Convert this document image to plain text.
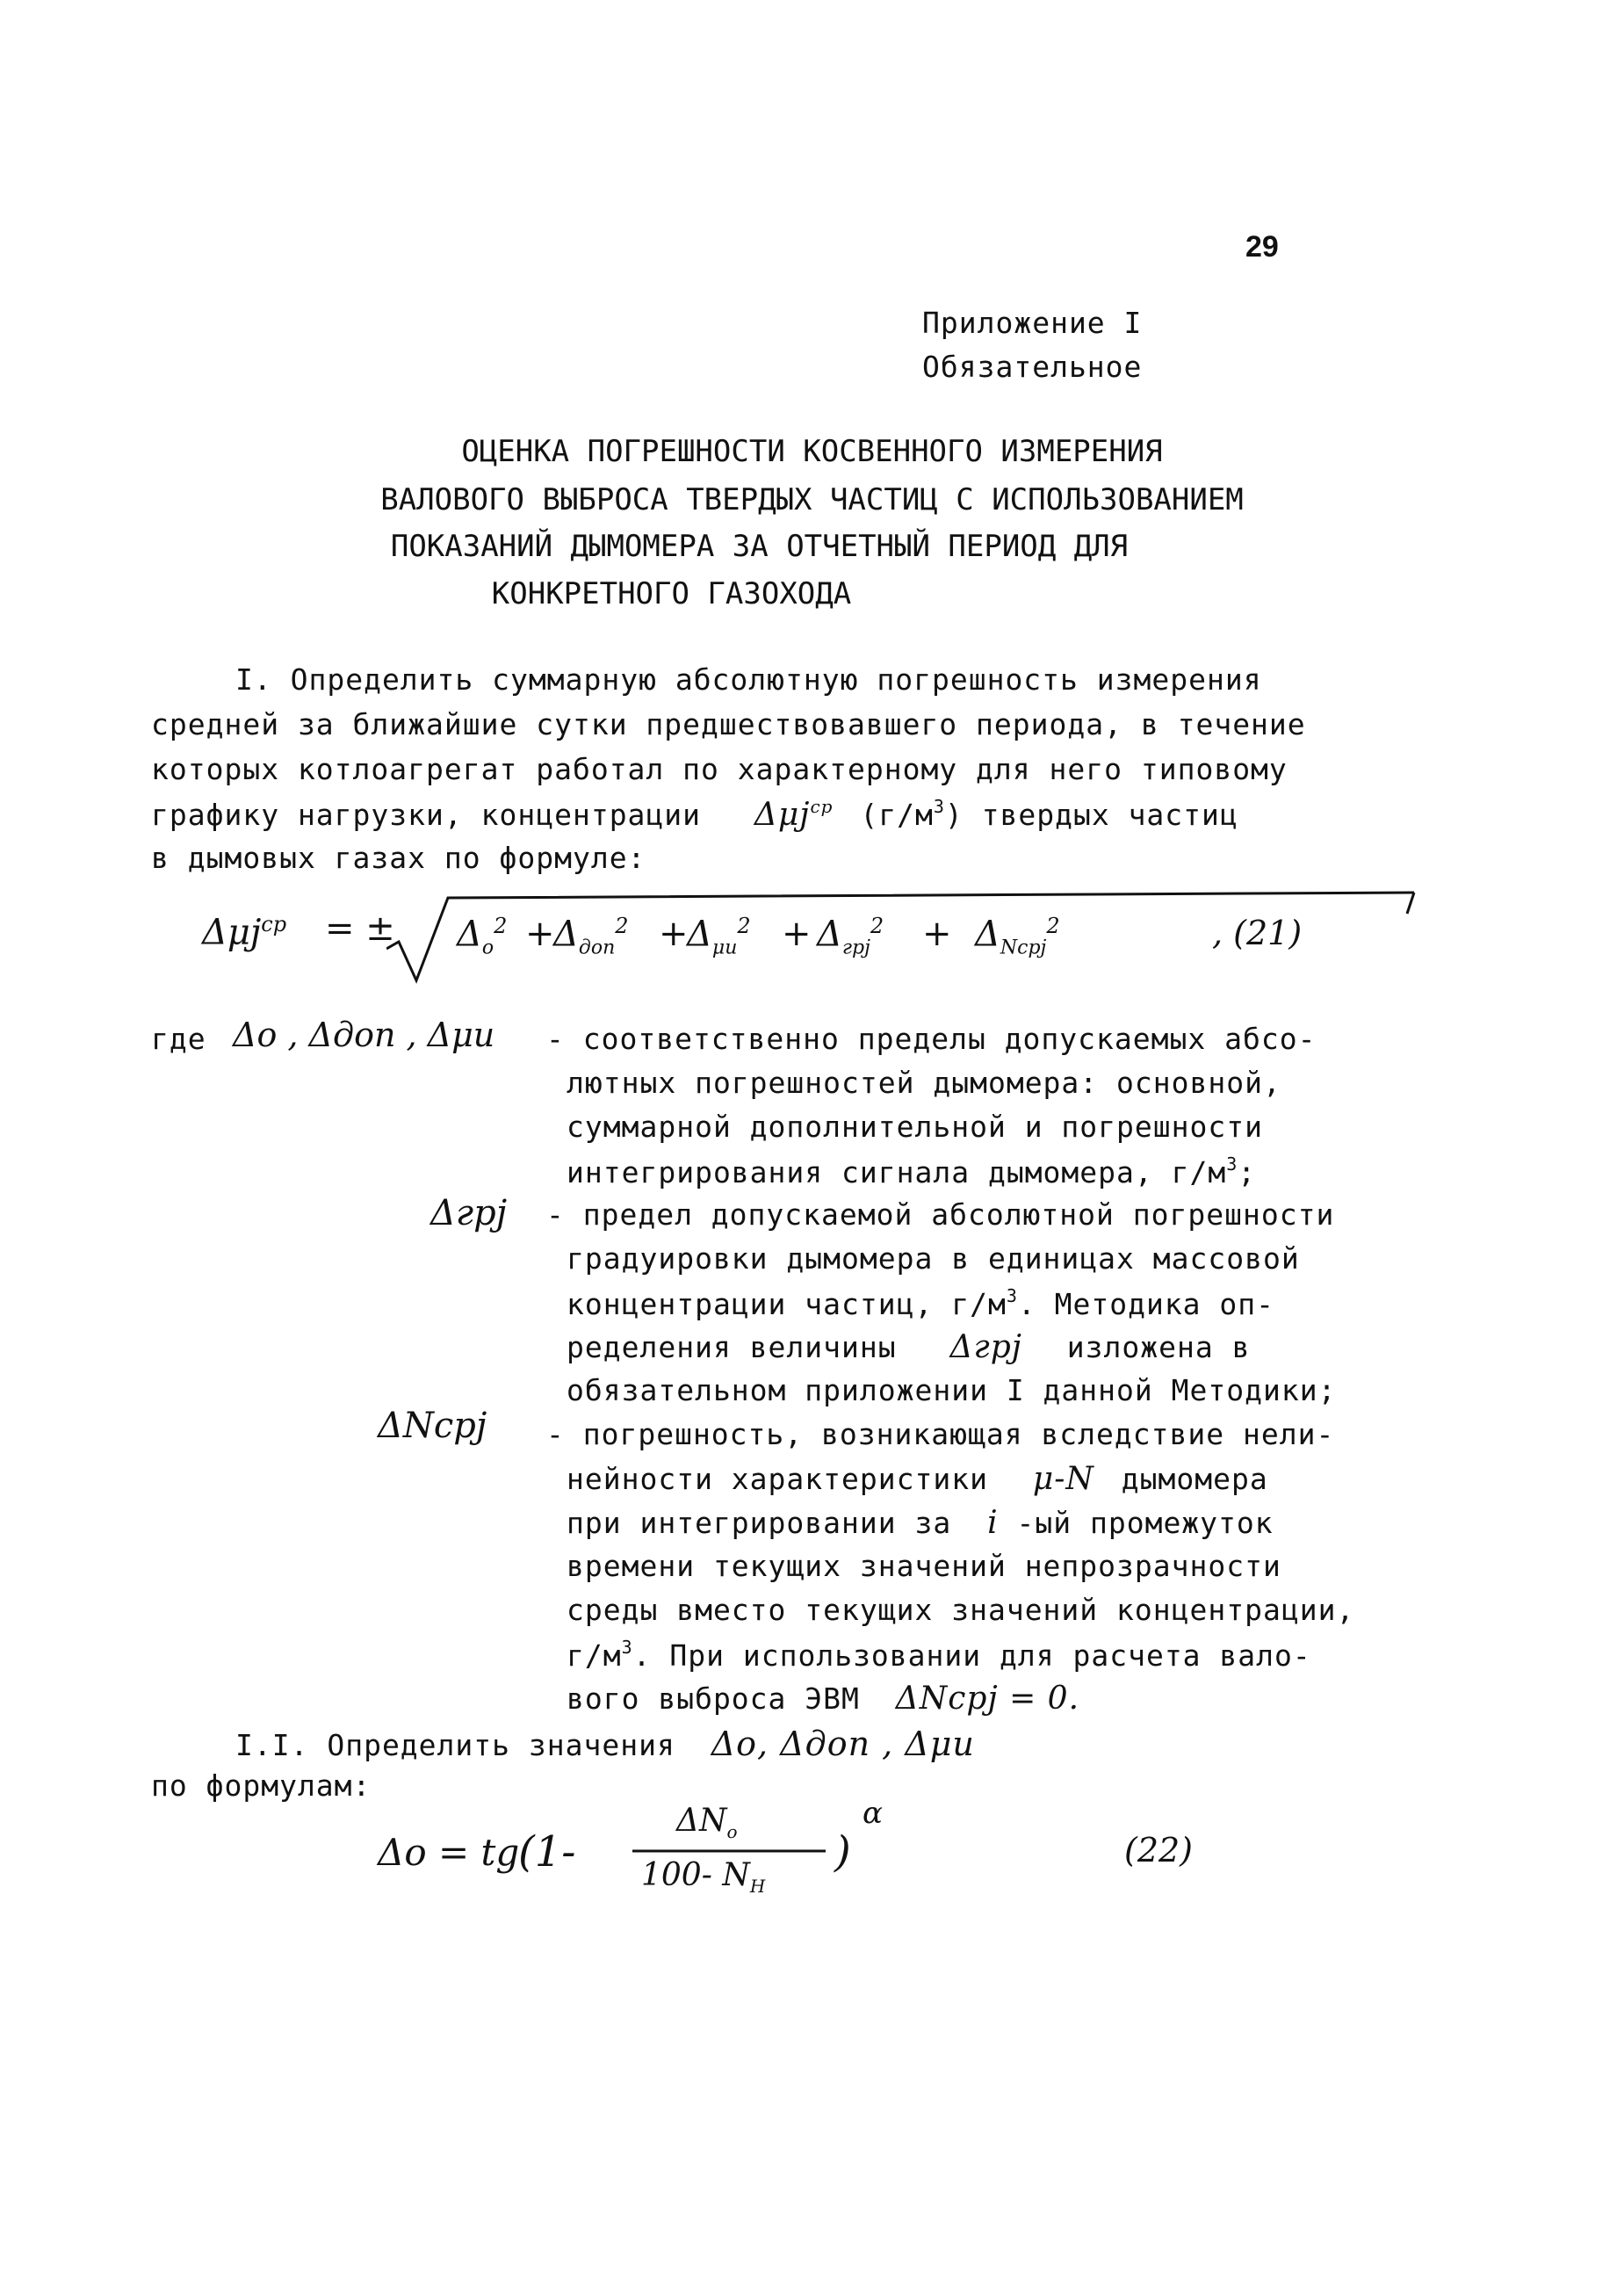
29
Приложение I
Обязательное
ОЦЕНКА ПОГРЕШНОСТИ КОСВЕННОГО ИЗМЕРЕНИЯ
ВАЛОВОГО ВЫБРОСА ТВЕРДЫХ ЧАСТИЦ С ИСПОЛЬЗОВАНИЕМ
ПОКАЗАНИЙ ДЫМОМЕРА ЗА ОТЧЕТНЫЙ ПЕРИОД ДЛЯ
КОНКРЕТНОГО ГАЗОХОДА
I. Определить суммарную абсолютную погрешность измерения
средней за ближайшие сутки предшествовавшего периода, в течение
которых котлоагрегат работал по характерному для него типовому
графику нагрузки, концентрации Δμj$^{ср}$ $(г/м^3)$ твердых частиц
в дымовых газах по формуле:
Δμj$^{ср}$ = ± $\Delta_o^2$ +
$\Delta_{доп}^2$ +
$\Delta_{\mu u}^2 + \Delta_{грj}^2 + \Delta_{Nсрj}^2$	, (21)
где Δo , Δдоп , Δμu - соответственно пределы допускаемых абсо-
лютных погрешностей дымомера: основной,
суммарной дополнительной и погрешности
интегрирования сигнала дымомера, $г/м^3$;
Δгрj - предел допускаемой абсолютной погрешности
градуировки дымомера в единицах массовой
концентрации частиц, $г/м^3$. Методика оп-
ределения величины Δгрj изложена в
обязательном приложении I данной Методики;
ΔNсрj - погрешность, возникающая вследствие нели-
нейности характеристики μ-N дымомера
при интегрировании за i -ый промежуток
времени текущих значений непрозрачности
среды вместо текущих значений концентрации,
$г/м^3$. При использовании для расчета вало-
вого выброса ЭВМ ΔNсрj = 0.
I.I. Определить значения Δo, Δдоп , Δμu
по формулам:
Δo = tg
(1-
$\Delta N_o$
100- $N_H$
)
α
(22)
